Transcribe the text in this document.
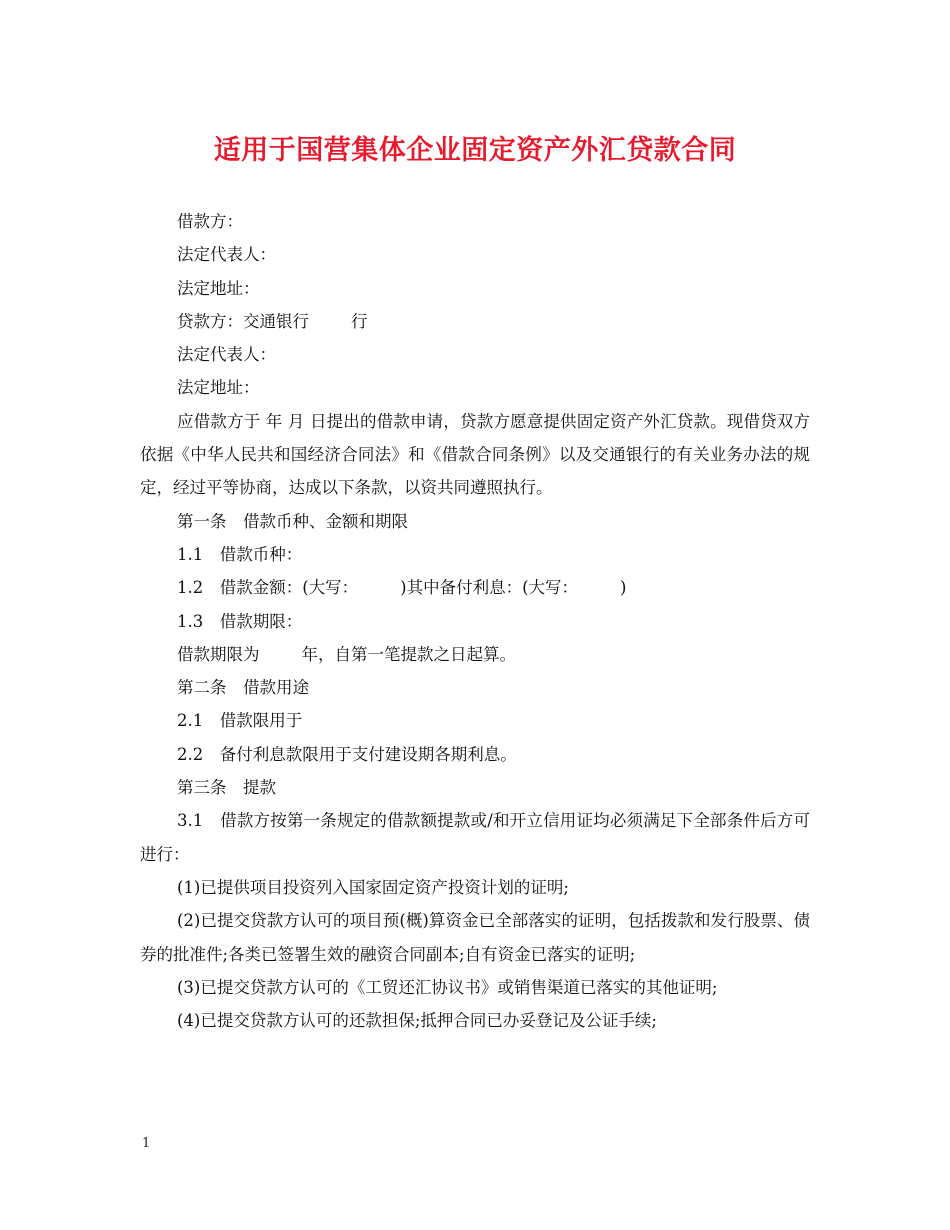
适用于国营集体企业固定资产外汇贷款合同

借款方：

法定代表人：

法定地址：

贷款方：交通银行        行

法定代表人：

法定地址：

应借款方于 年 月 日提出的借款申请，贷款方愿意提供固定资产外汇贷款。现借贷双方依据《中华人民共和国经济合同法》和《借款合同条例》以及交通银行的有关业务办法的规定，经过平等协商，达成以下条款，以资共同遵照执行。

第一条　借款币种、金额和期限

1.1　借款币种：

1.2　借款金额：(大写：        )其中备付利息：(大写：        )

1.3　借款期限：

借款期限为        年，自第一笔提款之日起算。

第二条　借款用途

2.1　借款限用于

2.2　备付利息款限用于支付建设期各期利息。

第三条　提款

3.1　借款方按第一条规定的借款额提款或/和开立信用证均必须满足下全部条件后方可进行：

(1)已提供项目投资列入国家固定资产投资计划的证明;

(2)已提交贷款方认可的项目预(概)算资金已全部落实的证明，包括拨款和发行股票、债券的批准件;各类已签署生效的融资合同副本;自有资金已落实的证明;

(3)已提交贷款方认可的《工贸还汇协议书》或销售渠道已落实的其他证明;

(4)已提交贷款方认可的还款担保;抵押合同已办妥登记及公证手续;

1
